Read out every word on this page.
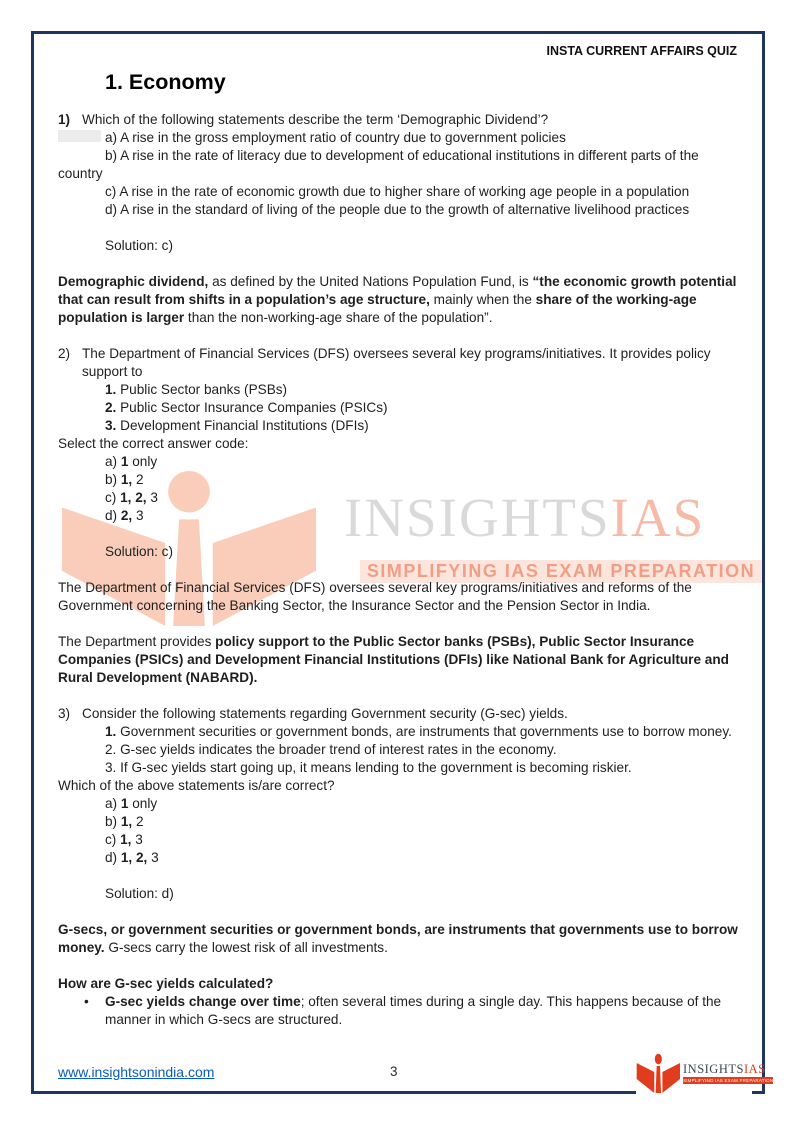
INSIGHTSIAS
SIMPLIFYING IAS EXAM PREPARATION
INSTA CURRENT AFFAIRS QUIZ
1. Economy

1) Which of the following statements describe the term ‘Demographic Dividend’?

a) A rise in the gross employment ratio of country due to government policies

b) A rise in the rate of literacy due to development of educational institutions in different parts of the country

c) A rise in the rate of economic growth due to higher share of working age people in a population

d) A rise in the standard of living of the people due to the growth of alternative livelihood practices

Solution: c)

Demographic dividend, as defined by the United Nations Population Fund, is “the economic growth potential that can result from shifts in a population’s age structure, mainly when the share of the working-age population is larger than the non-working-age share of the population”.

2) The Department of Financial Services (DFS) oversees several key programs/initiatives. It provides policy support to

1. Public Sector banks (PSBs)

2. Public Sector Insurance Companies (PSICs)

3. Development Financial Institutions (DFIs)

Select the correct answer code:

a) 1 only

b) 1, 2

c) 1, 2, 3

d) 2, 3

Solution: c)

The Department of Financial Services (DFS) oversees several key programs/initiatives and reforms of the Government concerning the Banking Sector, the Insurance Sector and the Pension Sector in India.

The Department provides policy support to the Public Sector banks (PSBs), Public Sector Insurance Companies (PSICs) and Development Financial Institutions (DFIs) like National Bank for Agriculture and Rural Development (NABARD).

3) Consider the following statements regarding Government security (G-sec) yields.

1. Government securities or government bonds, are instruments that governments use to borrow money.

2. G-sec yields indicates the broader trend of interest rates in the economy.

3. If G-sec yields start going up, it means lending to the government is becoming riskier.

Which of the above statements is/are correct?

a) 1 only

b) 1, 2

c) 1, 3

d) 1, 2, 3

Solution: d)

G-secs, or government securities or government bonds, are instruments that governments use to borrow money. G-secs carry the lowest risk of all investments.

How are G-sec yields calculated?

• G-sec yields change over time; often several times during a single day. This happens because of the manner in which G-secs are structured.

www.insightsonindia.com	3	INSIGHTSIAS
SIMPLIFYING IAS EXAM PREPARATION
